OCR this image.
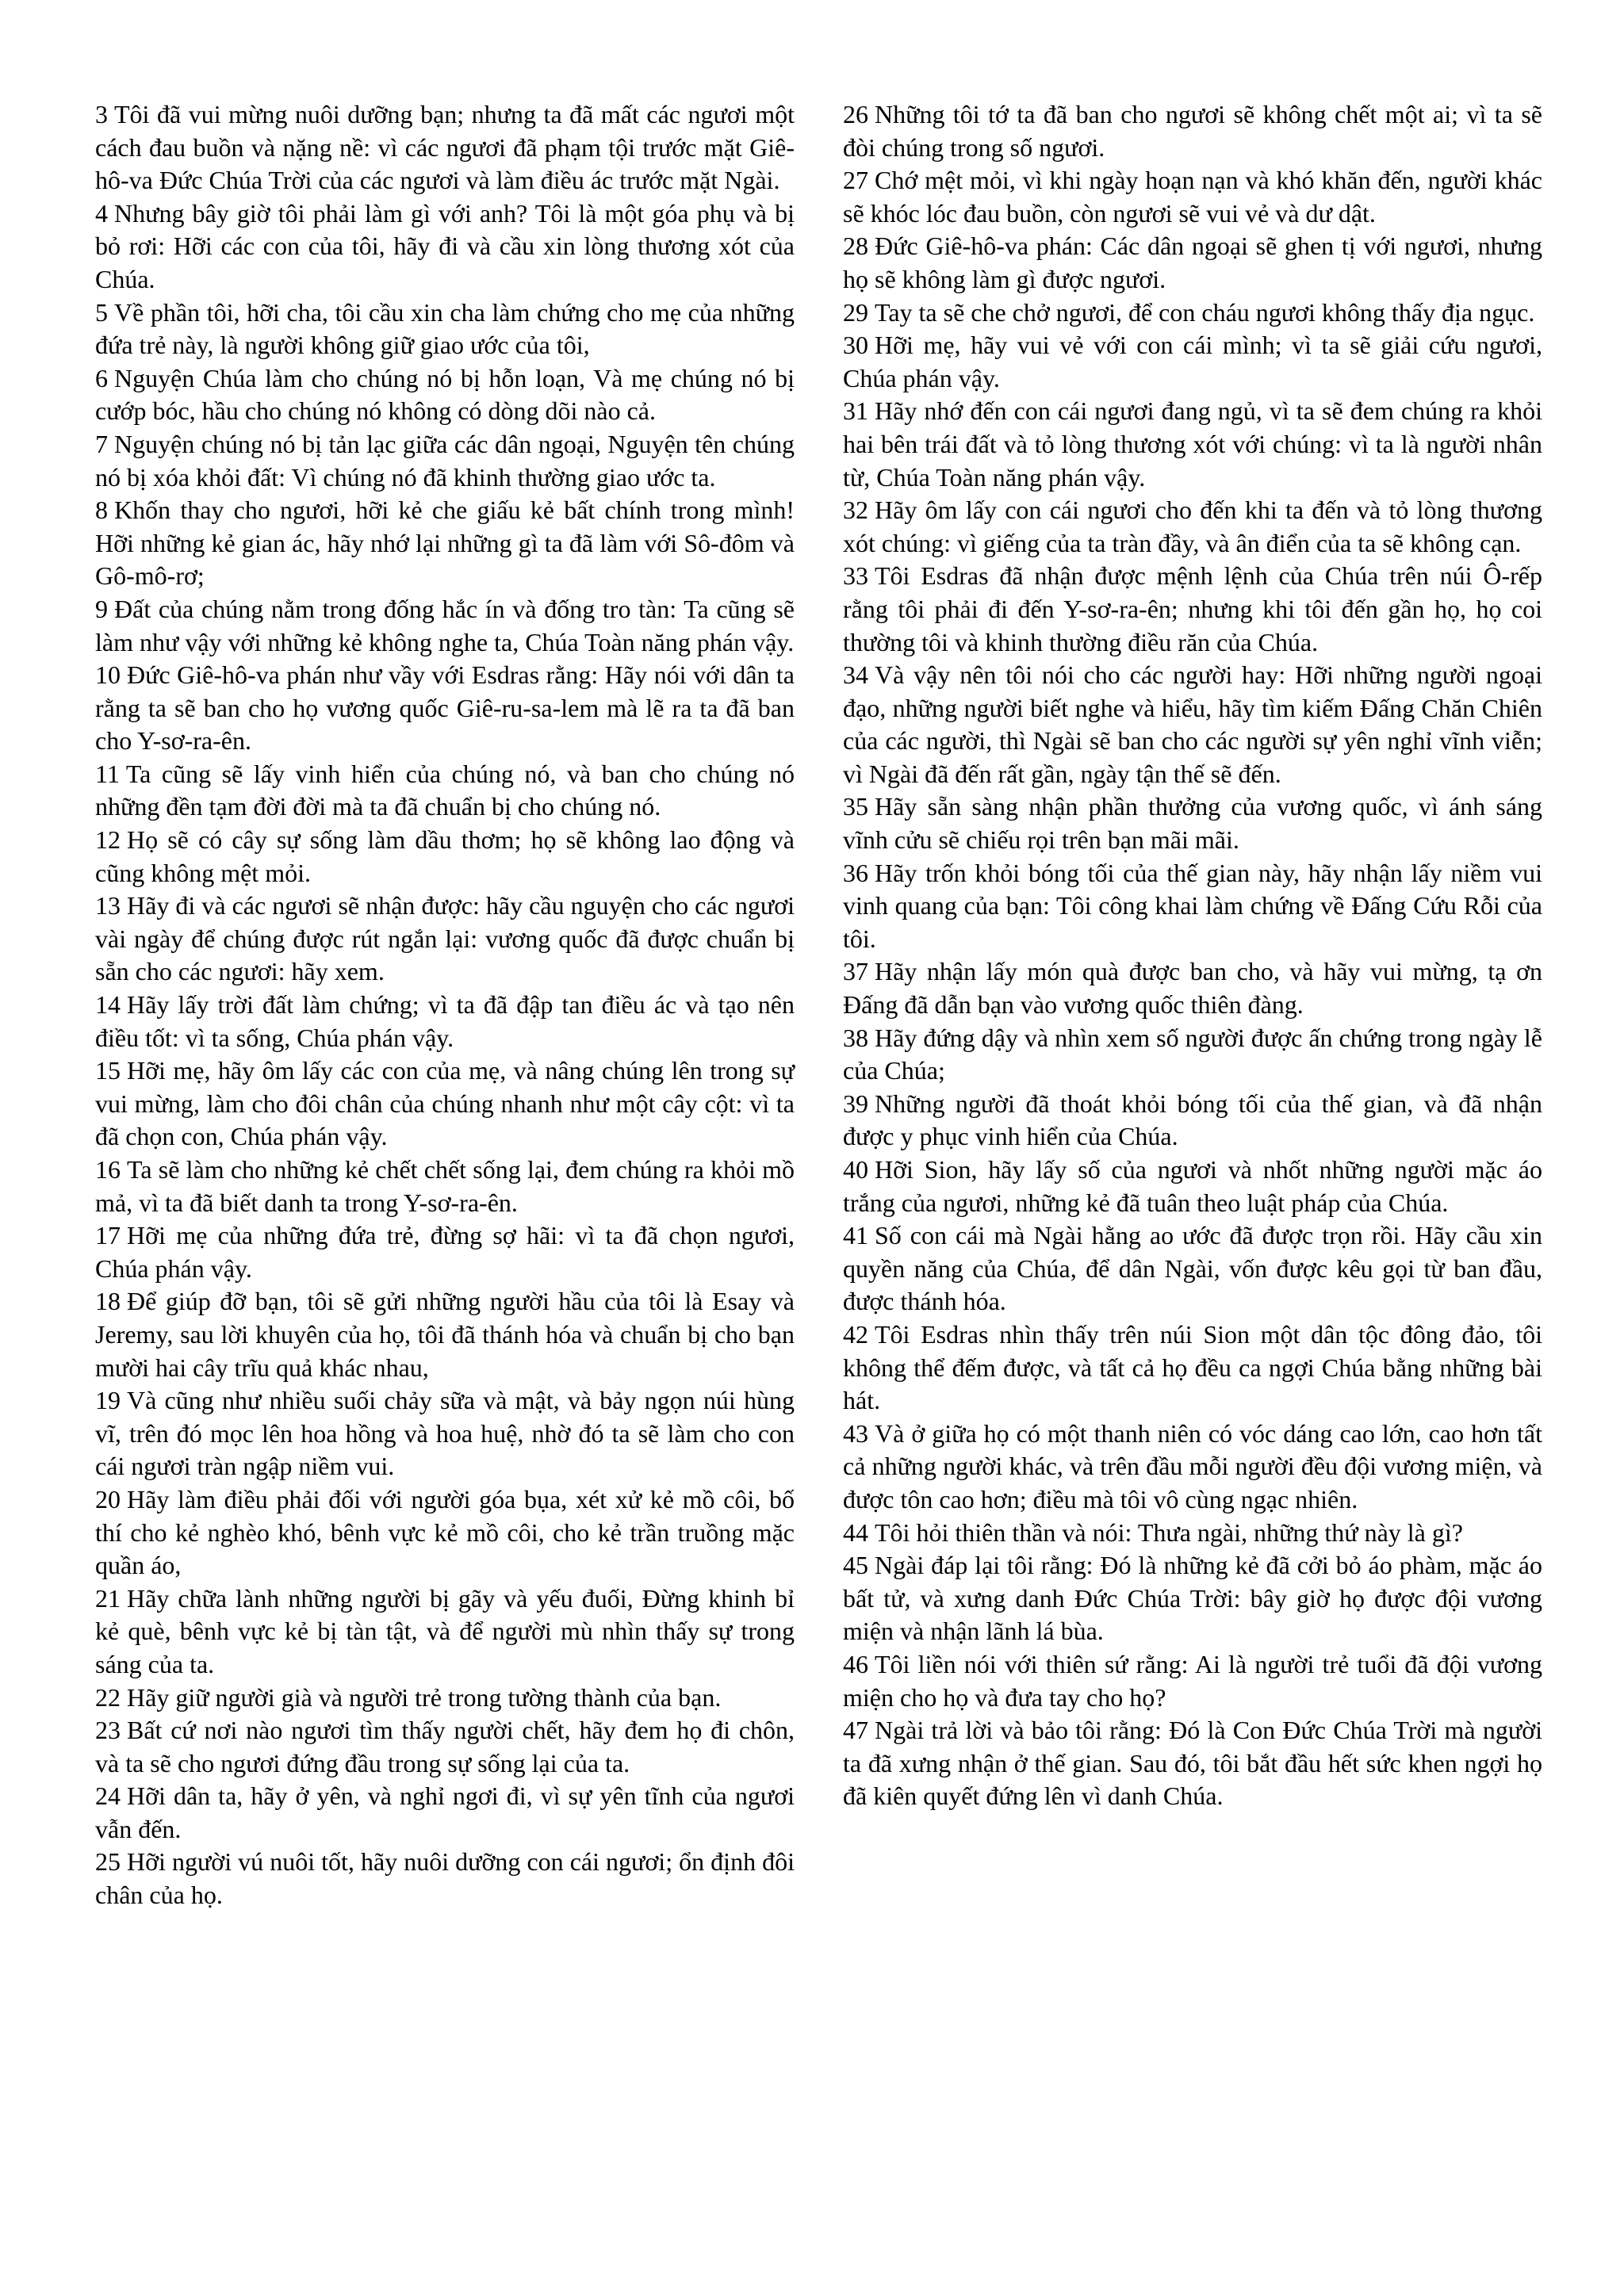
3 Tôi đã vui mừng nuôi dưỡng bạn; nhưng ta đã mất các ngươi một cách đau buồn và nặng nề: vì các ngươi đã phạm tội trước mặt Giê-hô-va Đức Chúa Trời của các ngươi và làm điều ác trước mặt Ngài.
4 Nhưng bây giờ tôi phải làm gì với anh? Tôi là một góa phụ và bị bỏ rơi: Hỡi các con của tôi, hãy đi và cầu xin lòng thương xót của Chúa.
5 Về phần tôi, hỡi cha, tôi cầu xin cha làm chứng cho mẹ của những đứa trẻ này, là người không giữ giao ước của tôi,
6 Nguyện Chúa làm cho chúng nó bị hỗn loạn, Và mẹ chúng nó bị cướp bóc, hầu cho chúng nó không có dòng dõi nào cả.
7 Nguyện chúng nó bị tản lạc giữa các dân ngoại, Nguyện tên chúng nó bị xóa khỏi đất: Vì chúng nó đã khinh thường giao ước ta.
8 Khốn thay cho ngươi, hỡi kẻ che giấu kẻ bất chính trong mình! Hỡi những kẻ gian ác, hãy nhớ lại những gì ta đã làm với Sô-đôm và Gô-mô-rơ;
9 Đất của chúng nằm trong đống hắc ín và đống tro tàn: Ta cũng sẽ làm như vậy với những kẻ không nghe ta, Chúa Toàn năng phán vậy.
10 Đức Giê-hô-va phán như vầy với Esdras rằng: Hãy nói với dân ta rằng ta sẽ ban cho họ vương quốc Giê-ru-sa-lem mà lẽ ra ta đã ban cho Y-sơ-ra-ên.
11 Ta cũng sẽ lấy vinh hiển của chúng nó, và ban cho chúng nó những đền tạm đời đời mà ta đã chuẩn bị cho chúng nó.
12 Họ sẽ có cây sự sống làm dầu thơm; họ sẽ không lao động và cũng không mệt mỏi.
13 Hãy đi và các ngươi sẽ nhận được: hãy cầu nguyện cho các ngươi vài ngày để chúng được rút ngắn lại: vương quốc đã được chuẩn bị sẵn cho các ngươi: hãy xem.
14 Hãy lấy trời đất làm chứng; vì ta đã đập tan điều ác và tạo nên điều tốt: vì ta sống, Chúa phán vậy.
15 Hỡi mẹ, hãy ôm lấy các con của mẹ, và nâng chúng lên trong sự vui mừng, làm cho đôi chân của chúng nhanh như một cây cột: vì ta đã chọn con, Chúa phán vậy.
16 Ta sẽ làm cho những kẻ chết chết sống lại, đem chúng ra khỏi mồ mả, vì ta đã biết danh ta trong Y-sơ-ra-ên.
17 Hỡi mẹ của những đứa trẻ, đừng sợ hãi: vì ta đã chọn ngươi, Chúa phán vậy.
18 Để giúp đỡ bạn, tôi sẽ gửi những người hầu của tôi là Esay và Jeremy, sau lời khuyên của họ, tôi đã thánh hóa và chuẩn bị cho bạn mười hai cây trĩu quả khác nhau,
19 Và cũng như nhiều suối chảy sữa và mật, và bảy ngọn núi hùng vĩ, trên đó mọc lên hoa hồng và hoa huệ, nhờ đó ta sẽ làm cho con cái ngươi tràn ngập niềm vui.
20 Hãy làm điều phải đối với người góa bụa, xét xử kẻ mồ côi, bố thí cho kẻ nghèo khó, bênh vực kẻ mồ côi, cho kẻ trần truồng mặc quần áo,
21 Hãy chữa lành những người bị gãy và yếu đuối, Đừng khinh bỉ kẻ què, bênh vực kẻ bị tàn tật, và để người mù nhìn thấy sự trong sáng của ta.
22 Hãy giữ người già và người trẻ trong tường thành của bạn.
23 Bất cứ nơi nào ngươi tìm thấy người chết, hãy đem họ đi chôn, và ta sẽ cho ngươi đứng đầu trong sự sống lại của ta.
24 Hỡi dân ta, hãy ở yên, và nghỉ ngơi đi, vì sự yên tĩnh của ngươi vẫn đến.
25 Hỡi người vú nuôi tốt, hãy nuôi dưỡng con cái ngươi; ổn định đôi chân của họ.
26 Những tôi tớ ta đã ban cho ngươi sẽ không chết một ai; vì ta sẽ đòi chúng trong số ngươi.
27 Chớ mệt mỏi, vì khi ngày hoạn nạn và khó khăn đến, người khác sẽ khóc lóc đau buồn, còn ngươi sẽ vui vẻ và dư dật.
28 Đức Giê-hô-va phán: Các dân ngoại sẽ ghen tị với ngươi, nhưng họ sẽ không làm gì được ngươi.
29 Tay ta sẽ che chở ngươi, để con cháu ngươi không thấy địa ngục.
30 Hỡi mẹ, hãy vui vẻ với con cái mình; vì ta sẽ giải cứu ngươi, Chúa phán vậy.
31 Hãy nhớ đến con cái ngươi đang ngủ, vì ta sẽ đem chúng ra khỏi hai bên trái đất và tỏ lòng thương xót với chúng: vì ta là người nhân từ, Chúa Toàn năng phán vậy.
32 Hãy ôm lấy con cái ngươi cho đến khi ta đến và tỏ lòng thương xót chúng: vì giếng của ta tràn đầy, và ân điển của ta sẽ không cạn.
33 Tôi Esdras đã nhận được mệnh lệnh của Chúa trên núi Ô-rếp rằng tôi phải đi đến Y-sơ-ra-ên; nhưng khi tôi đến gần họ, họ coi thường tôi và khinh thường điều răn của Chúa.
34 Và vậy nên tôi nói cho các người hay: Hỡi những người ngoại đạo, những người biết nghe và hiểu, hãy tìm kiếm Đấng Chăn Chiên của các người, thì Ngài sẽ ban cho các người sự yên nghỉ vĩnh viễn; vì Ngài đã đến rất gần, ngày tận thế sẽ đến.
35 Hãy sẵn sàng nhận phần thưởng của vương quốc, vì ánh sáng vĩnh cửu sẽ chiếu rọi trên bạn mãi mãi.
36 Hãy trốn khỏi bóng tối của thế gian này, hãy nhận lấy niềm vui vinh quang của bạn: Tôi công khai làm chứng về Đấng Cứu Rỗi của tôi.
37 Hãy nhận lấy món quà được ban cho, và hãy vui mừng, tạ ơn Đấng đã dẫn bạn vào vương quốc thiên đàng.
38 Hãy đứng dậy và nhìn xem số người được ấn chứng trong ngày lễ của Chúa;
39 Những người đã thoát khỏi bóng tối của thế gian, và đã nhận được y phục vinh hiển của Chúa.
40 Hỡi Sion, hãy lấy số của ngươi và nhốt những người mặc áo trắng của ngươi, những kẻ đã tuân theo luật pháp của Chúa.
41 Số con cái mà Ngài hằng ao ước đã được trọn rồi. Hãy cầu xin quyền năng của Chúa, để dân Ngài, vốn được kêu gọi từ ban đầu, được thánh hóa.
42 Tôi Esdras nhìn thấy trên núi Sion một dân tộc đông đảo, tôi không thể đếm được, và tất cả họ đều ca ngợi Chúa bằng những bài hát.
43 Và ở giữa họ có một thanh niên có vóc dáng cao lớn, cao hơn tất cả những người khác, và trên đầu mỗi người đều đội vương miện, và được tôn cao hơn; điều mà tôi vô cùng ngạc nhiên.
44 Tôi hỏi thiên thần và nói: Thưa ngài, những thứ này là gì?
45 Ngài đáp lại tôi rằng: Đó là những kẻ đã cởi bỏ áo phàm, mặc áo bất tử, và xưng danh Đức Chúa Trời: bây giờ họ được đội vương miện và nhận lãnh lá bùa.
46 Tôi liền nói với thiên sứ rằng: Ai là người trẻ tuổi đã đội vương miện cho họ và đưa tay cho họ?
47 Ngài trả lời và bảo tôi rằng: Đó là Con Đức Chúa Trời mà người ta đã xưng nhận ở thế gian. Sau đó, tôi bắt đầu hết sức khen ngợi họ đã kiên quyết đứng lên vì danh Chúa.
